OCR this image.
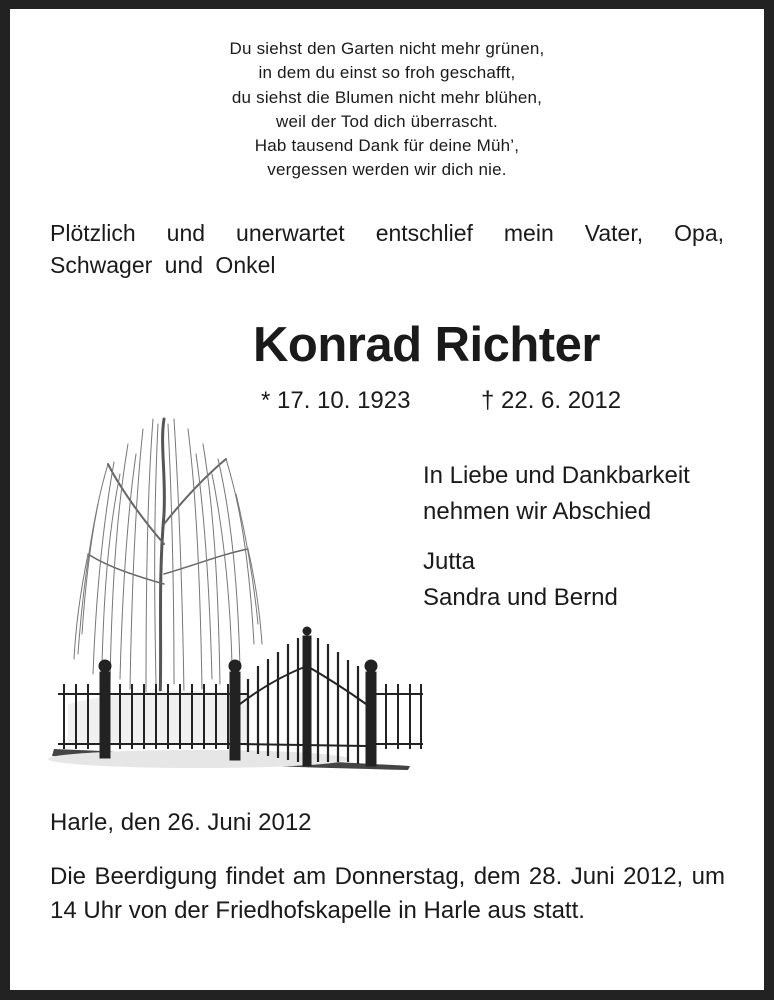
Du siehst den Garten nicht mehr grünen,
in dem du einst so froh geschafft,
du siehst die Blumen nicht mehr blühen,
weil der Tod dich überrascht.
Hab tausend Dank für deine Müh’,
vergessen werden wir dich nie.
Plötzlich und unerwartet entschlief mein Vater, Opa, Schwager und Onkel
Konrad Richter
* 17. 10. 1923	† 22. 6. 2012
In Liebe und Dankbarkeit
nehmen wir Abschied
Jutta
Sandra und Bernd
Harle, den 26. Juni 2012
Die Beerdigung findet am Donnerstag, dem 28. Juni 2012, um 14 Uhr von der Friedhofskapelle in Harle aus statt.
